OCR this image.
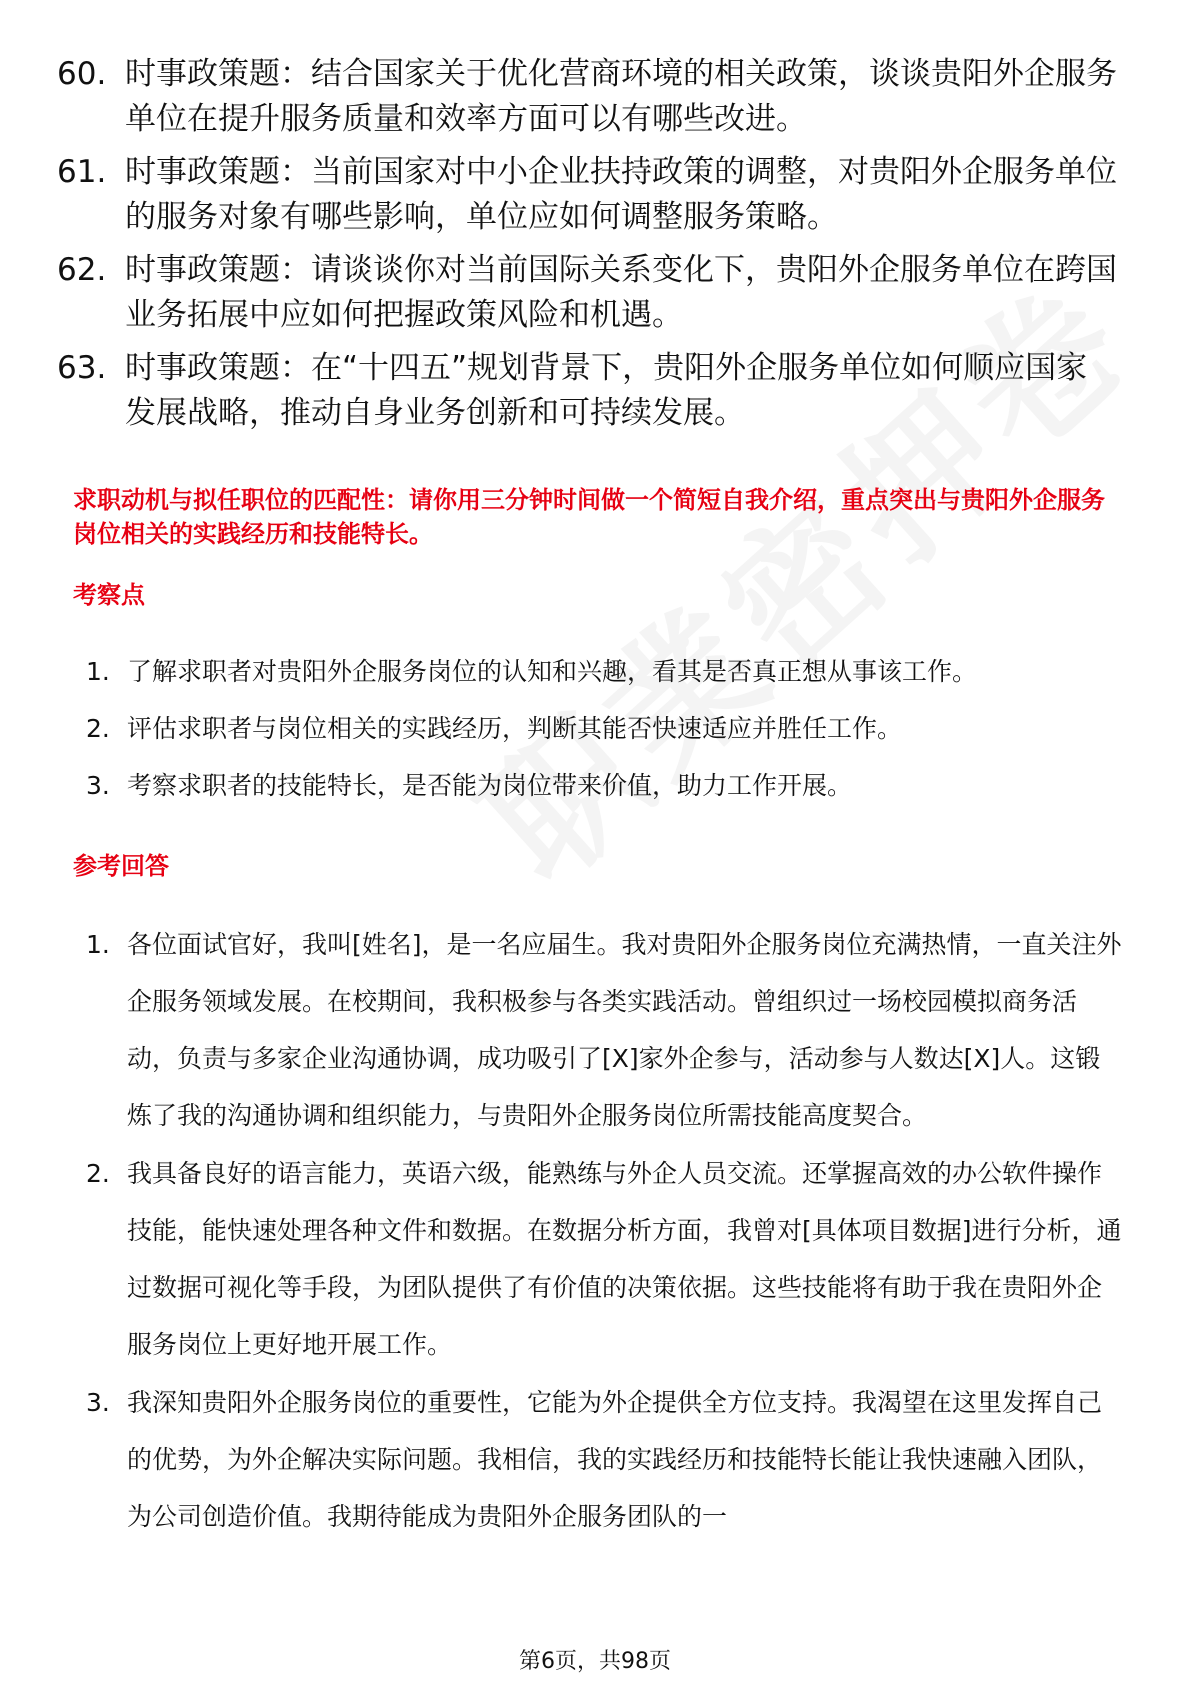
60. 时事政策题：结合国家关于优化营商环境的相关政策，谈谈贵阳外企服务单位在提升服务质量和效率方面可以有哪些改进。
61. 时事政策题：当前国家对中小企业扶持政策的调整，对贵阳外企服务单位的服务对象有哪些影响，单位应如何调整服务策略。
62. 时事政策题：请谈谈你对当前国际关系变化下，贵阳外企服务单位在跨国业务拓展中应如何把握政策风险和机遇。
63. 时事政策题：在“十四五”规划背景下，贵阳外企服务单位如何顺应国家发展战略，推动自身业务创新和可持续发展。

求职动机与拟任职位的匹配性：请你用三分钟时间做一个简短自我介绍，重点突出与贵阳外企服务岗位相关的实践经历和技能特长。

考察点
1. 了解求职者对贵阳外企服务岗位的认知和兴趣，看其是否真正想从事该工作。
2. 评估求职者与岗位相关的实践经历，判断其能否快速适应并胜任工作。
3. 考察求职者的技能特长，是否能为岗位带来价值，助力工作开展。
参考回答
1. 各位面试官好，我叫[姓名]，是一名应届生。我对贵阳外企服务岗位充满热情，一直关注外企服务领域发展。在校期间，我积极参与各类实践活动。曾组织过一场校园模拟商务活动，负责与多家企业沟通协调，成功吸引了[X]家外企参与，活动参与人数达[X]人。这锻炼了我的沟通协调和组织能力，与贵阳外企服务岗位所需技能高度契合。
2. 我具备良好的语言能力，英语六级，能熟练与外企人员交流。还掌握高效的办公软件操作技能，能快速处理各种文件和数据。在数据分析方面，我曾对[具体项目数据]进行分析，通过数据可视化等手段，为团队提供了有价值的决策依据。这些技能将有助于我在贵阳外企服务岗位上更好地开展工作。
3. 我深知贵阳外企服务岗位的重要性，它能为外企提供全方位支持。我渴望在这里发挥自己的优势，为外企解决实际问题。我相信，我的实践经历和技能特长能让我快速融入团队，为公司创造价值。我期待能成为贵阳外企服务团队的一
第6页，共98页
